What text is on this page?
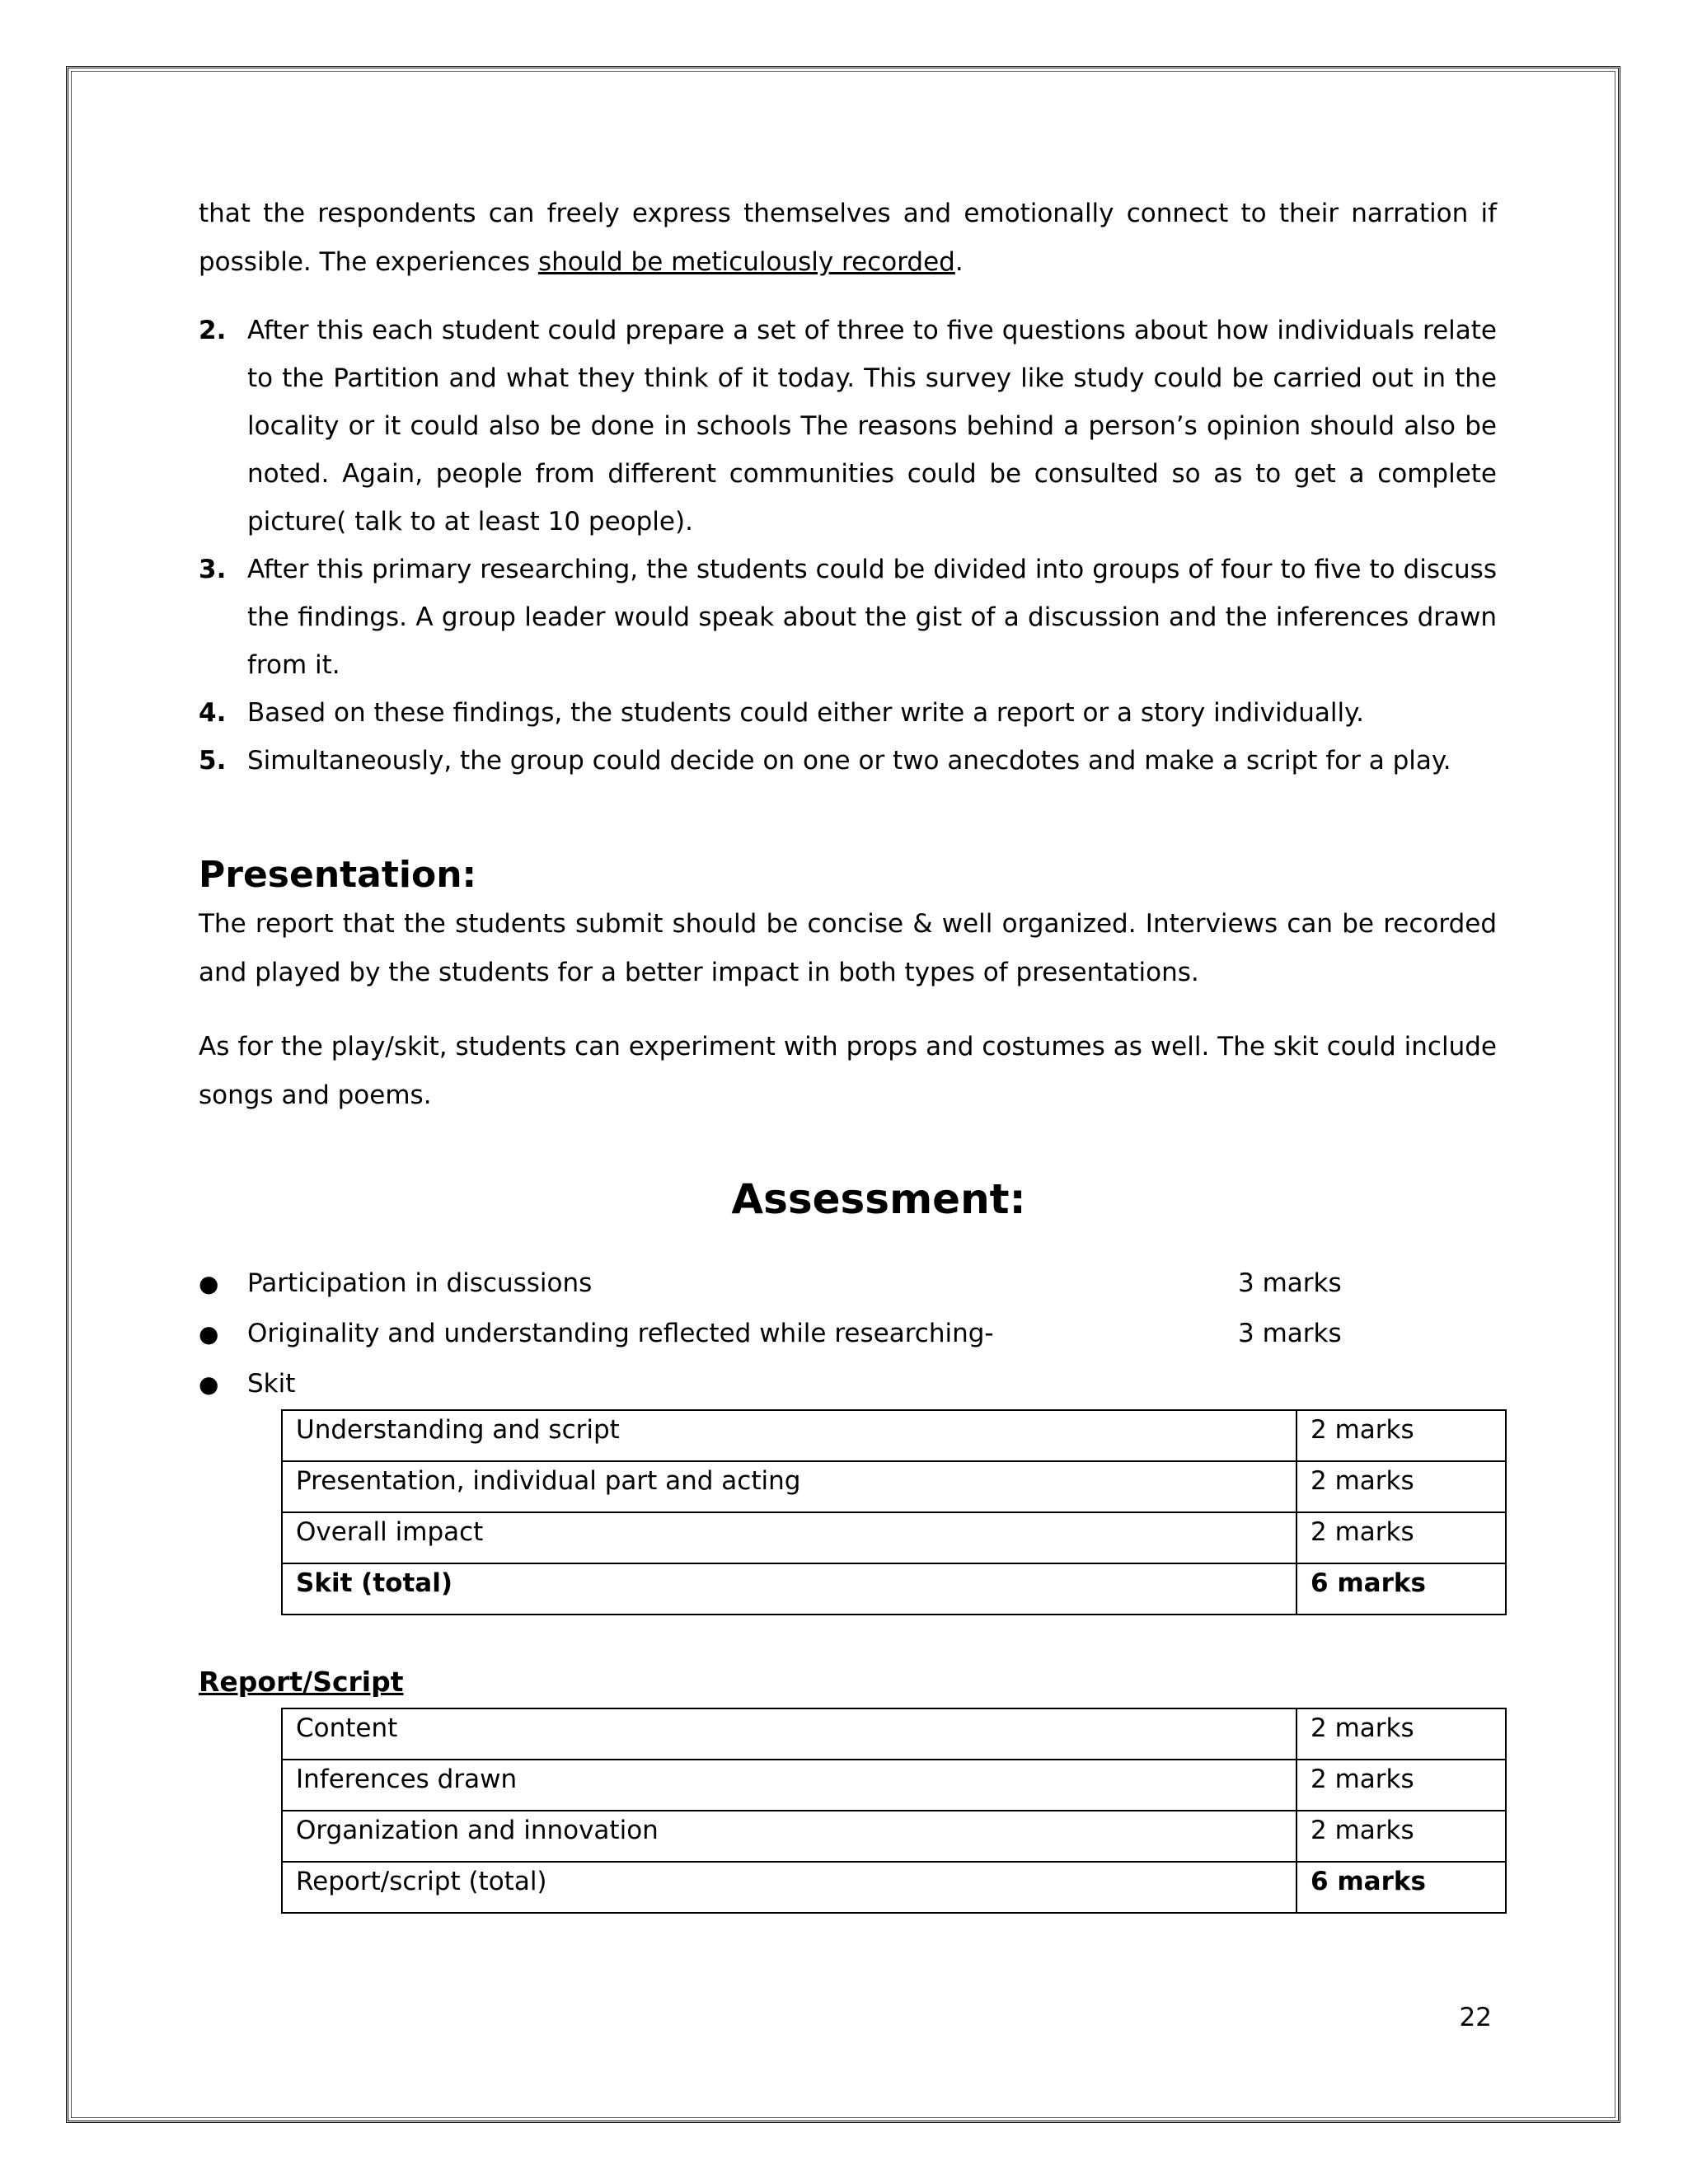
that the respondents can freely express themselves and emotionally connect to their narration if possible. The experiences should be meticulously recorded.

2. After this each student could prepare a set of three to five questions about how individuals relate to the Partition and what they think of it today. This survey like study could be carried out in the locality or it could also be done in schools The reasons behind a person’s opinion should also be noted. Again, people from different communities could be consulted so as to get a complete picture( talk to at least 10 people).
3. After this primary researching, the students could be divided into groups of four to five to discuss the findings. A group leader would speak about the gist of a discussion and the inferences drawn from it.
4. Based on these findings, the students could either write a report or a story individually.
5. Simultaneously, the group could decide on one or two anecdotes and make a script for a play.
Presentation:

The report that the students submit should be concise & well organized. Interviews can be recorded and played by the students for a better impact in both types of presentations.

As for the play/skit, students can experiment with props and costumes as well. The skit could include songs and poems.

Assessment:
●	Participation in discussions	3 marks
●	Originality and understanding reflected while researching-	3 marks
●	Skit
Understanding and script	2 marks
Presentation, individual part and acting	2 marks
Overall impact	2 marks
Skit (total)	6 marks
Report/Script
Content	2 marks
Inferences drawn	2 marks
Organization and innovation	2 marks
Report/script (total)	6 marks
22
